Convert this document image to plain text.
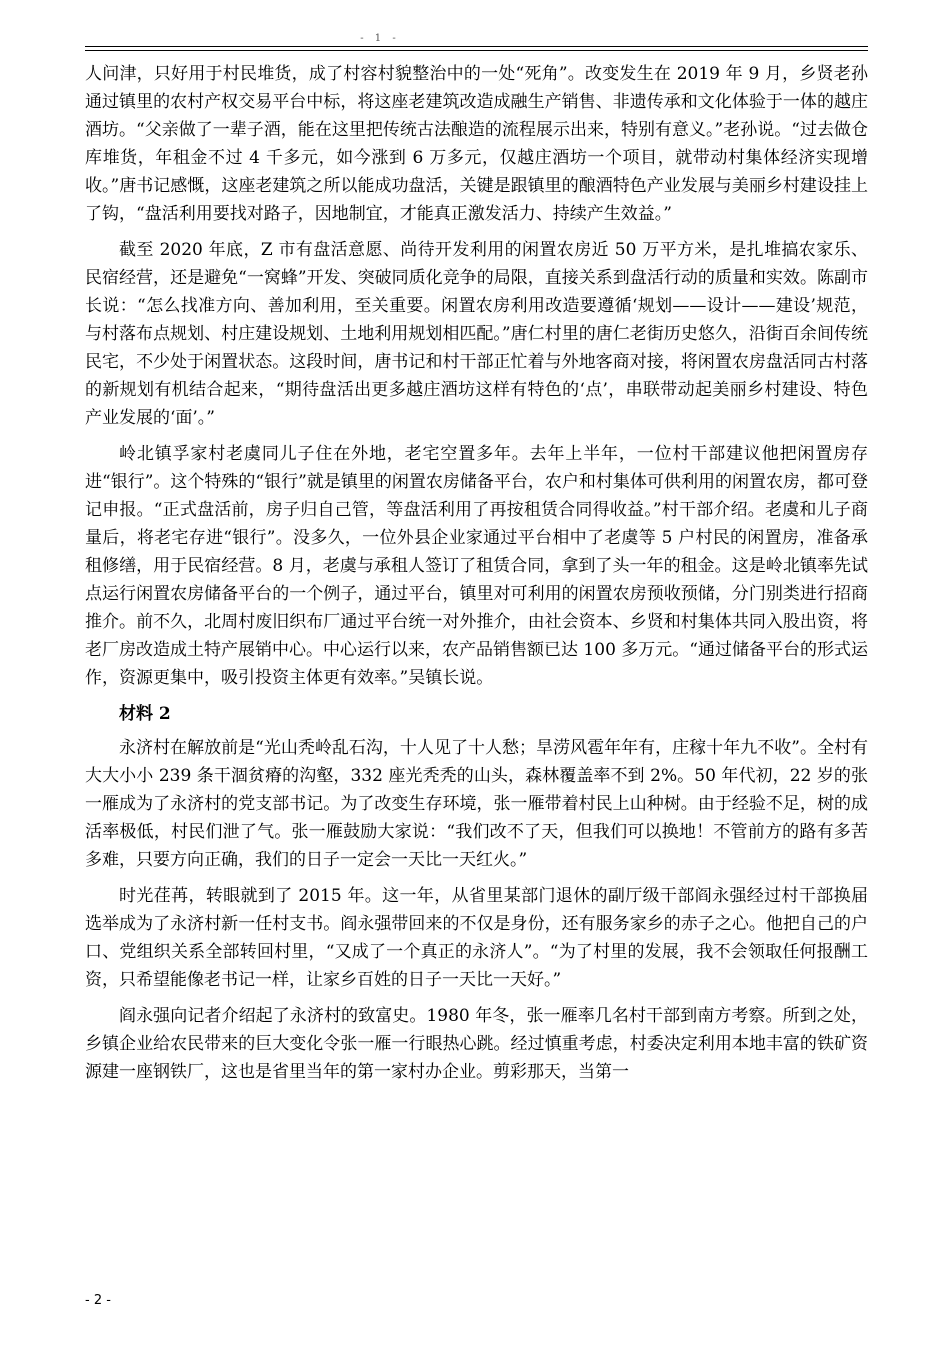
- 1 -

人问津，只好用于村民堆货，成了村容村貌整治中的一处“死角”。改变发生在 2019 年 9 月，乡贤老孙通过镇里的农村产权交易平台中标，将这座老建筑改造成融生产销售、非遗传承和文化体验于一体的越庄酒坊。“父亲做了一辈子酒，能在这里把传统古法酿造的流程展示出来，特别有意义。”老孙说。“过去做仓库堆货，年租金不过 4 千多元，如今涨到 6 万多元，仅越庄酒坊一个项目，就带动村集体经济实现增收。”唐书记感慨，这座老建筑之所以能成功盘活，关键是跟镇里的酿酒特色产业发展与美丽乡村建设挂上了钩，“盘活利用要找对路子，因地制宜，才能真正激发活力、持续产生效益。”

截至 2020 年底，Z 市有盘活意愿、尚待开发利用的闲置农房近 50 万平方米，是扎堆搞农家乐、民宿经营，还是避免“一窝蜂”开发、突破同质化竞争的局限，直接关系到盘活行动的质量和实效。陈副市长说：“怎么找准方向、善加利用，至关重要。闲置农房利用改造要遵循‘规划——设计——建设’规范，与村落布点规划、村庄建设规划、土地利用规划相匹配。”唐仁村里的唐仁老街历史悠久，沿街百余间传统民宅，不少处于闲置状态。这段时间，唐书记和村干部正忙着与外地客商对接，将闲置农房盘活同古村落的新规划有机结合起来，“期待盘活出更多越庄酒坊这样有特色的‘点’，串联带动起美丽乡村建设、特色产业发展的‘面’。”

岭北镇孚家村老虞同儿子住在外地，老宅空置多年。去年上半年，一位村干部建议他把闲置房存进“银行”。这个特殊的“银行”就是镇里的闲置农房储备平台，农户和村集体可供利用的闲置农房，都可登记申报。“正式盘活前，房子归自己管，等盘活利用了再按租赁合同得收益。”村干部介绍。老虞和儿子商量后，将老宅存进“银行”。没多久，一位外县企业家通过平台相中了老虞等 5 户村民的闲置房，准备承租修缮，用于民宿经营。8 月，老虞与承租人签订了租赁合同，拿到了头一年的租金。这是岭北镇率先试点运行闲置农房储备平台的一个例子，通过平台，镇里对可利用的闲置农房预收预储，分门别类进行招商推介。前不久，北周村废旧织布厂通过平台统一对外推介，由社会资本、乡贤和村集体共同入股出资，将老厂房改造成土特产展销中心。中心运行以来，农产品销售额已达 100 多万元。“通过储备平台的形式运作，资源更集中，吸引投资主体更有效率。”吴镇长说。

材料 2

永济村在解放前是“光山秃岭乱石沟，十人见了十人愁；旱涝风雹年年有，庄稼十年九不收”。全村有大大小小 239 条干涸贫瘠的沟壑，332 座光秃秃的山头，森林覆盖率不到 2%。50 年代初，22 岁的张一雁成为了永济村的党支部书记。为了改变生存环境，张一雁带着村民上山种树。由于经验不足，树的成活率极低，村民们泄了气。张一雁鼓励大家说：“我们改不了天，但我们可以换地！不管前方的路有多苦多难，只要方向正确，我们的日子一定会一天比一天红火。”

时光荏苒，转眼就到了 2015 年。这一年，从省里某部门退休的副厅级干部阎永强经过村干部换届选举成为了永济村新一任村支书。阎永强带回来的不仅是身份，还有服务家乡的赤子之心。他把自己的户口、党组织关系全部转回村里，“又成了一个真正的永济人”。“为了村里的发展，我不会领取任何报酬工资，只希望能像老书记一样，让家乡百姓的日子一天比一天好。”

阎永强向记者介绍起了永济村的致富史。1980 年冬，张一雁率几名村干部到南方考察。所到之处，乡镇企业给农民带来的巨大变化令张一雁一行眼热心跳。经过慎重考虑，村委决定利用本地丰富的铁矿资源建一座钢铁厂，这也是省里当年的第一家村办企业。剪彩那天，当第一

- 2 -
